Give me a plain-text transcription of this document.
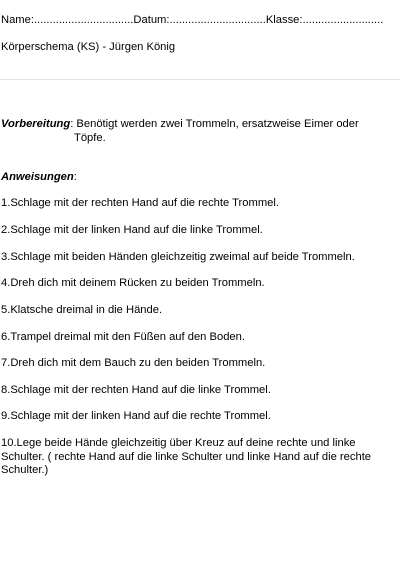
Name:................................Datum:...............................Klasse:..........................
Körperschema (KS) - Jürgen König
Vorbereitung: Benötigt werden zwei Trommeln, ersatzweise Eimer oder
Töpfe.
Anweisungen:
1.Schlage mit der rechten Hand auf die rechte Trommel.
2.Schlage mit der linken Hand auf die linke Trommel.
3.Schlage mit beiden Händen gleichzeitig zweimal auf beide Trommeln.
4.Dreh dich mit deinem Rücken zu beiden Trommeln.
5.Klatsche dreimal in die Hände.
6.Trampel dreimal mit den Füßen auf den Boden.
7.Dreh dich mit dem Bauch zu den beiden Trommeln.
8.Schlage mit der rechten Hand auf die linke Trommel.
9.Schlage mit der linken Hand auf die rechte Trommel.
10.Lege beide Hände gleichzeitig über Kreuz auf deine rechte und linke Schulter. ( rechte Hand auf die linke Schulter und linke Hand auf die rechte Schulter.)
